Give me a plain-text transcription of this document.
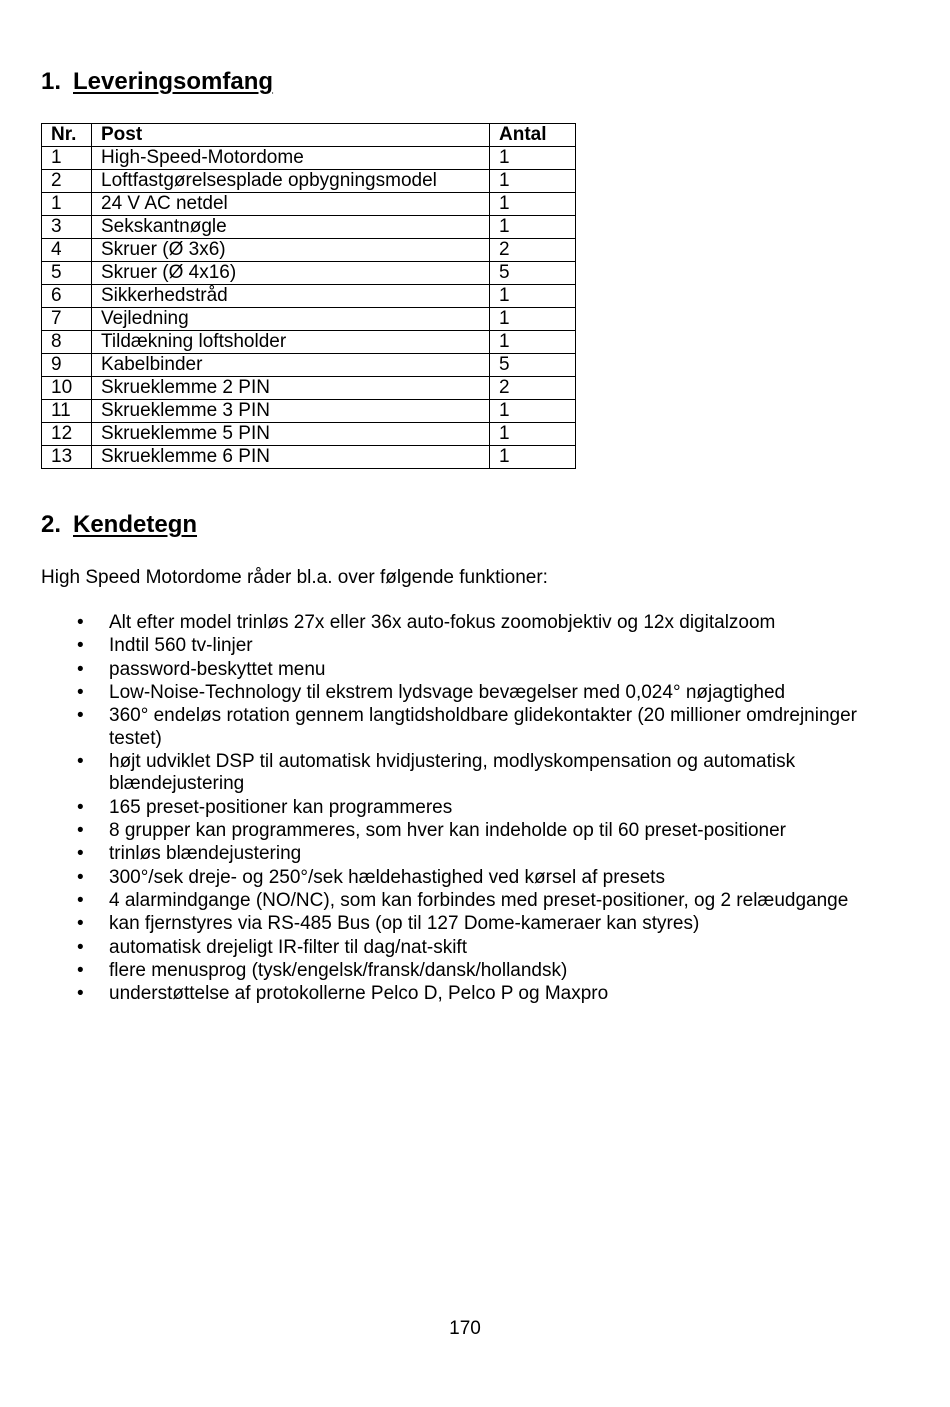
1. Leveringsomfang
Nr.	Post	Antal
1	High-Speed-Motordome	1
2	Loftfastgørelsesplade opbygningsmodel	1
1	24 V AC netdel	1
3	Sekskantnøgle	1
4	Skruer (Ø 3x6)	2
5	Skruer (Ø 4x16)	5
6	Sikkerhedstråd	1
7	Vejledning	1
8	Tildækning loftsholder	1
9	Kabelbinder	5
10	Skrueklemme 2 PIN	2
11	Skrueklemme 3 PIN	1
12	Skrueklemme 5 PIN	1
13	Skrueklemme 6 PIN	1
2. Kendetegn

High Speed Motordome råder bl.a. over følgende funktioner:

• Alt efter model trinløs 27x eller 36x auto-fokus zoomobjektiv og 12x digitalzoom
• Indtil 560 tv-linjer
• password-beskyttet menu
• Low-Noise-Technology til ekstrem lydsvage bevægelser med 0,024° nøjagtighed
• 360° endeløs rotation gennem langtidsholdbare glidekontakter (20 millioner omdrejninger testet)
• højt udviklet DSP til automatisk hvidjustering, modlyskompensation og automatisk blændejustering
• 165 preset-positioner kan programmeres
• 8 grupper kan programmeres, som hver kan indeholde op til 60 preset-positioner
• trinløs blændejustering
• 300°/sek dreje- og 250°/sek hældehastighed ved kørsel af presets
• 4 alarmindgange (NO/NC), som kan forbindes med preset-positioner, og 2 relæudgange
• kan fjernstyres via RS-485 Bus (op til 127 Dome-kameraer kan styres)
• automatisk drejeligt IR-filter til dag/nat-skift
• flere menusprog (tysk/engelsk/fransk/dansk/hollandsk)
• understøttelse af protokollerne Pelco D, Pelco P og Maxpro

170
